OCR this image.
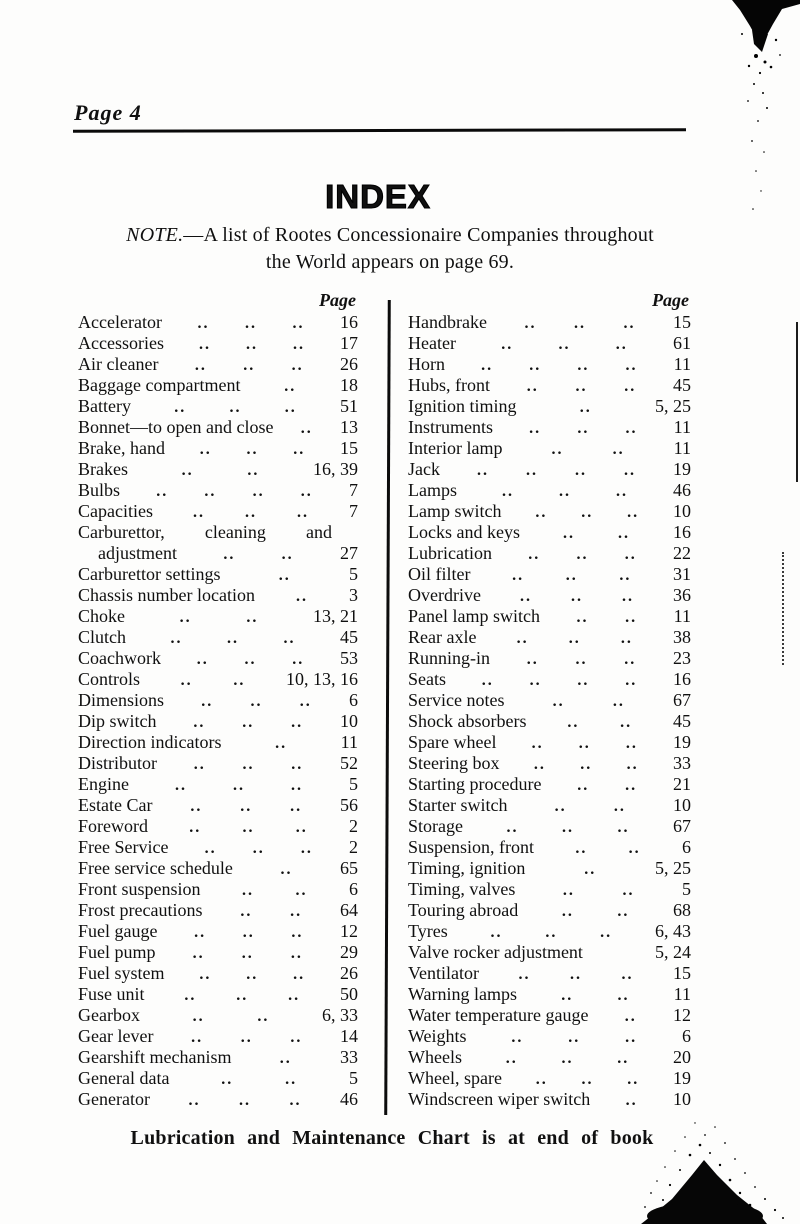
Page 4
INDEX
NOTE.—A list of Rootes Concessionaire Companies throughout
the World appears on page 69.
Page
Accelerator .. .. .. 16
Accessories .. .. .. 17
Air cleaner .. .. .. 26
Baggage compartment	.. 18
Battery	..	..	.. 51
Bonnet—to open and close .. 13
Brake, hand .. .. .. 15
Brakes	..	..	16, 39
Bulbs .. .. .. .. 7
Capacities	..	..	.. 7
Carburettor, cleaning and
adjustment	..	..	27
Carburettor settings	..	5
Chassis number location	.. 3
Choke	..	..	13, 21
Clutch	..	..	.. 45
Coachwork .. .. .. 53
Controls	..	.. 10, 13, 16
Dimensions .. .. .. 6
Dip switch .. .. .. 10
Direction indicators	..	11
Distributor .. .. .. 52
Engine	..	..	..	5
Estate Car .. .. .. 56
Foreword	..	..	.. 2
Free Service .. .. .. 2
Free service schedule	..	65
Front suspension	..	.. 6
Frost precautions .. .. 64
Fuel gauge .. .. .. 12
Fuel pump .. .. .. 29
Fuel system .. .. .. 26
Fuse unit .. .. .. 50
Gearbox	..	..	6, 33
Gear lever .. .. .. 14
Gearshift mechanism	..	33
General data	..	..	5
Generator .. .. .. 46
Page
Handbrake .. .. .. 15
Heater	..	..	..	61
Horn .. .. .. .. 11
Hubs, front .. .. .. 45
Ignition timing	..	5, 25
Instruments .. .. .. 11
Interior lamp	..	..	11
Jack .. .. .. .. 19
Lamps	..	..	..	46
Lamp switch .. .. .. 10
Locks and keys	..	.. 16
Lubrication .. .. .. 22
Oil filter	..	..	.. 31
Overdrive .. .. .. 36
Panel lamp switch .. .. 11
Rear axle	..	..	.. 38
Running-in .. .. .. 23
Seats .. .. .. .. 16
Service notes	..	..	67
Shock absorbers	..	.. 45
Spare wheel .. .. .. 19
Steering box .. .. .. 33
Starting procedure .. .. 21
Starter switch	..	..	10
Storage	..	..	.. 67
Suspension, front	..	.. 6
Timing, ignition	..	5, 25
Timing, valves	..	..	5
Touring abroad	..	.. 68
Tyres	..	..	.. 6, 43
Valve rocker adjustment	5, 24
Ventilator .. .. .. 15
Warning lamps	..	.. 11
Water temperature gauge .. 12
Weights	..	..	.. 6
Wheels	..	..	.. 20
Wheel, spare .. .. .. 19
Windscreen wiper switch .. 10
Lubrication and Maintenance Chart is at end of book
